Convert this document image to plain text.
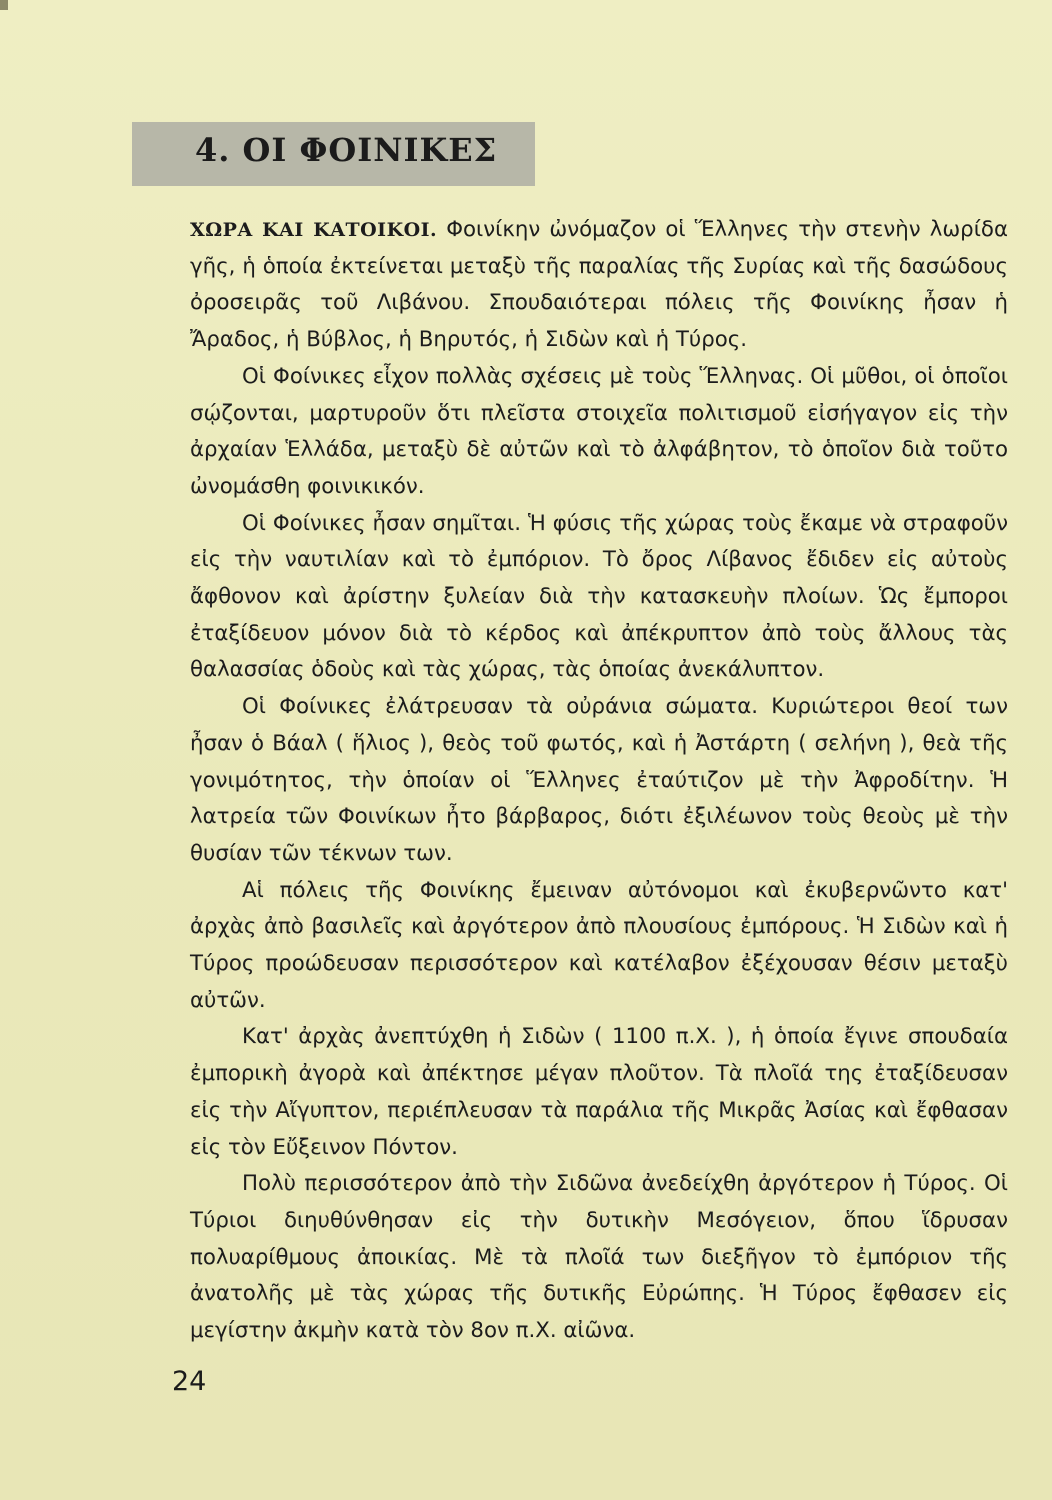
4. ΟΙ ΦΟΙΝΙΚΕΣ

ΧΩΡΑ ΚΑΙ ΚΑΤΟΙΚΟΙ. Φοινίκην ὠνόμαζον οἱ Ἕλληνες τὴν στενὴν λωρίδα γῆς, ἡ ὁποία ἐκτείνεται μεταξὺ τῆς παραλίας τῆς Συρίας καὶ τῆς δασώδους ὀροσειρᾶς τοῦ Λιβάνου. Σπουδαιότεραι πόλεις τῆς Φοινίκης ἦσαν ἡ Ἄραδος, ἡ Βύβλος, ἡ Βηρυτός, ἡ Σιδὼν καὶ ἡ Τύρος.

Οἱ Φοίνικες εἶχον πολλὰς σχέσεις μὲ τοὺς Ἕλληνας. Οἱ μῦθοι, οἱ ὁποῖοι σῴζονται, μαρτυροῦν ὅτι πλεῖστα στοιχεῖα πολιτισμοῦ εἰσήγαγον εἰς τὴν ἀρχαίαν Ἑλλάδα, μεταξὺ δὲ αὐτῶν καὶ τὸ ἀλφάβητον, τὸ ὁποῖον διὰ τοῦτο ὠνομάσθη φοινικικόν.

Οἱ Φοίνικες ἦσαν σημῖται. Ἡ φύσις τῆς χώρας τοὺς ἔκαμε νὰ στραφοῦν εἰς τὴν ναυτιλίαν καὶ τὸ ἐμπόριον. Τὸ ὄρος Λίβανος ἔδιδεν εἰς αὐτοὺς ἄφθονον καὶ ἀρίστην ξυλείαν διὰ τὴν κατασκευὴν πλοίων. Ὡς ἔμποροι ἐταξίδευον μόνον διὰ τὸ κέρδος καὶ ἀπέκρυπτον ἀπὸ τοὺς ἄλλους τὰς θαλασσίας ὁδοὺς καὶ τὰς χώρας, τὰς ὁποίας ἀνεκάλυπτον.

Οἱ Φοίνικες ἐλάτρευσαν τὰ οὐράνια σώματα. Κυριώτεροι θεοί των ἦσαν ὁ Βάαλ ( ἥλιος ), θεὸς τοῦ φωτός, καὶ ἡ Ἀστάρτη ( σελήνη ), θεὰ τῆς γονιμότητος, τὴν ὁποίαν οἱ Ἕλληνες ἐταύτιζον μὲ τὴν Ἀφροδίτην. Ἡ λατρεία τῶν Φοινίκων ἦτο βάρβαρος, διότι ἐξιλέωνον τοὺς θεοὺς μὲ τὴν θυσίαν τῶν τέκνων των.

Αἱ πόλεις τῆς Φοινίκης ἔμειναν αὐτόνομοι καὶ ἐκυβερνῶντο κατ' ἀρχὰς ἀπὸ βασιλεῖς καὶ ἀργότερον ἀπὸ πλουσίους ἐμπόρους. Ἡ Σιδὼν καὶ ἡ Τύρος προώδευσαν περισσότερον καὶ κατέλαβον ἐξέχουσαν θέσιν μεταξὺ αὐτῶν.

Κατ' ἀρχὰς ἀνεπτύχθη ἡ Σιδὼν ( 1100 π.Χ. ), ἡ ὁποία ἔγινε σπουδαία ἐμπορικὴ ἀγορὰ καὶ ἀπέκτησε μέγαν πλοῦτον. Τὰ πλοῖά της ἐταξίδευσαν εἰς τὴν Αἴγυπτον, περιέπλευσαν τὰ παράλια τῆς Μικρᾶς Ἀσίας καὶ ἔφθασαν εἰς τὸν Εὔξεινον Πόντον.

Πολὺ περισσότερον ἀπὸ τὴν Σιδῶνα ἀνεδείχθη ἀργότερον ἡ Τύρος. Οἱ Τύριοι διηυθύνθησαν εἰς τὴν δυτικὴν Μεσόγειον, ὅπου ἵδρυσαν πολυαρίθμους ἀποικίας. Μὲ τὰ πλοῖά των διεξῆγον τὸ ἐμπόριον τῆς ἀνατολῆς μὲ τὰς χώρας τῆς δυτικῆς Εὐρώπης. Ἡ Τύρος ἔφθασεν εἰς μεγίστην ἀκμὴν κατὰ τὸν 8ον π.Χ. αἰῶνα.

24
